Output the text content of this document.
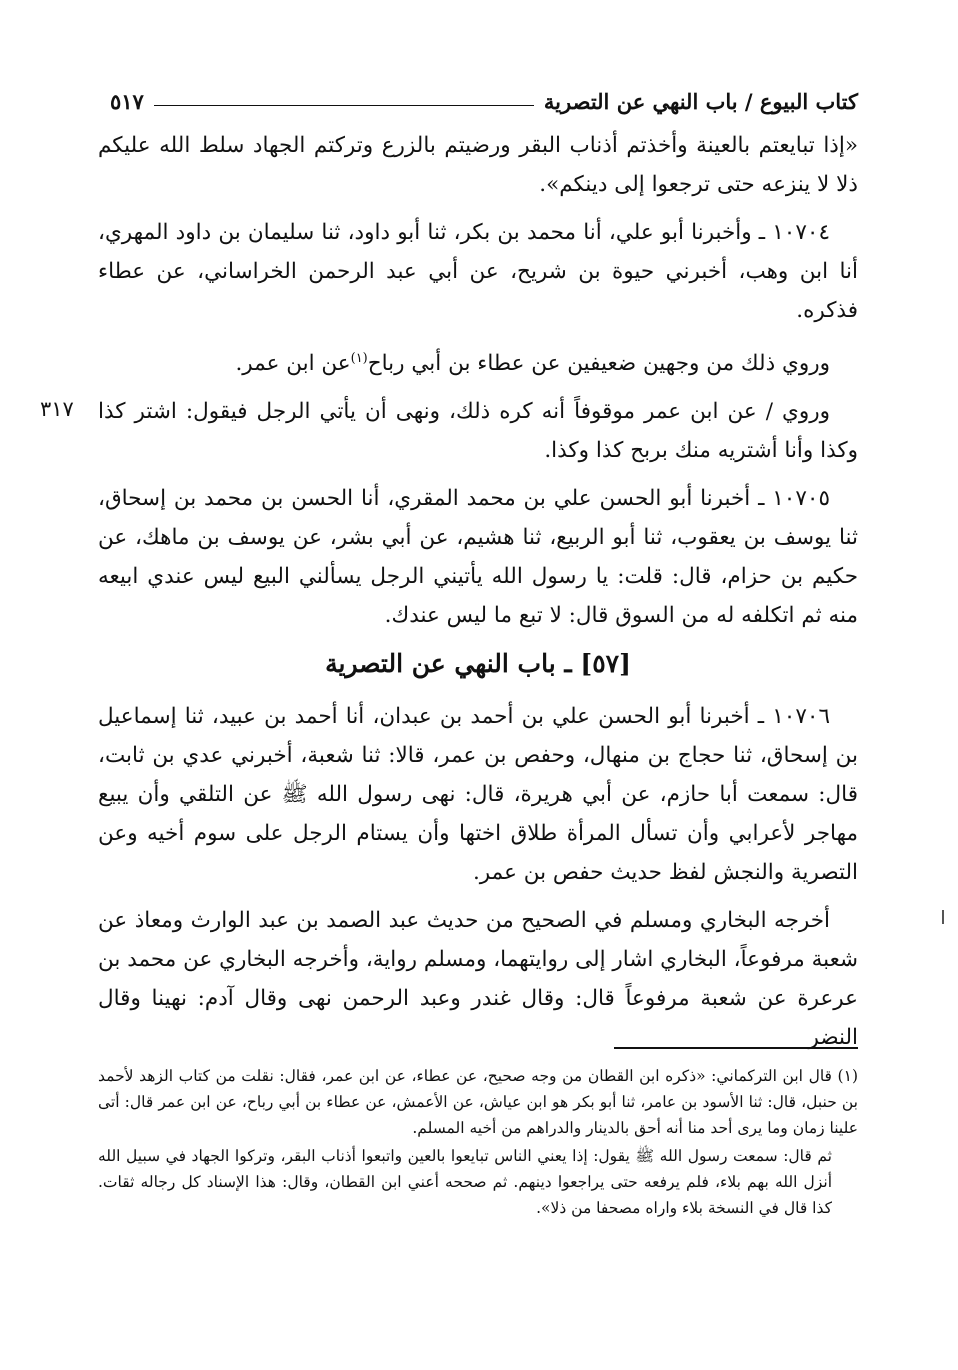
كتاب البيوع / باب النهي عن التصرية
٥١٧
٣١٧

«إذا تبايعتم بالعينة وأخذتم أذناب البقر ورضيتم بالزرع وتركتم الجهاد سلط الله عليكم ذلا لا ينزعه حتى ترجعوا إلى دينكم».

١٠٧٠٤ ـ وأخبرنا أبو علي، أنا محمد بن بكر، ثنا أبو داود، ثنا سليمان بن داود المهري، أنا ابن وهب، أخبرني حيوة بن شريح، عن أبي عبد الرحمن الخراساني، عن عطاء فذكره.

وروي ذلك من وجهين ضعيفين عن عطاء بن أبي رباح$^{(١)}$عن ابن عمر.

وروي / عن ابن عمر موقوفاً أنه كره ذلك، ونهى أن يأتي الرجل فيقول: اشتر كذا وكذا وأنا أشتريه منك بربح كذا وكذا.

١٠٧٠٥ ـ أخبرنا أبو الحسن علي بن محمد المقري، أنا الحسن بن محمد بن إسحاق، ثنا يوسف بن يعقوب، ثنا أبو الربيع، ثنا هشيم، عن أبي بشر، عن يوسف بن ماهك، عن حكيم بن حزام، قال: قلت: يا رسول الله يأتيني الرجل يسألني البيع ليس عندي ابيعه منه ثم اتكلفه له من السوق قال: لا تبع ما ليس عندك.

[٥٧] ـ باب النهي عن التصرية

١٠٧٠٦ ـ أخبرنا أبو الحسن علي بن أحمد بن عبدان، أنا أحمد بن عبيد، ثنا إسماعيل بن إسحاق، ثنا حجاج بن منهال، وحفص بن عمر، قالا: ثنا شعبة، أخبرني عدي بن ثابت، قال: سمعت أبا حازم، عن أبي هريرة، قال: نهى رسول الله ﷺ عن التلقي وأن يبيع مهاجر لأعرابي وأن تسأل المرأة طلاق اختها وأن يستام الرجل على سوم أخيه وعن التصرية والنجش لفظ حديث حفص بن عمر.

أخرجه البخاري ومسلم في الصحيح من حديث عبد الصمد بن عبد الوارث ومعاذ عن شعبة مرفوعاً، البخاري اشار إلى روايتهما، ومسلم رواية، وأخرجه البخاري عن محمد بن عرعرة عن شعبة مرفوعاً قال: وقال غندر وعبد الرحمن نهى وقال آدم: نهينا وقال النضر

(١) قال ابن التركماني: «ذكره ابن القطان من وجه صحيح، عن عطاء، عن ابن عمر، فقال: نقلت من كتاب الزهد لأحمد بن حنبل، قال: ثنا الأسود بن عامر، ثنا أبو بكر هو ابن عياش، عن الأعمش، عن عطاء بن أبي رباح، عن ابن عمر قال: أتى علينا زمان وما يرى أحد منا أنه أحق بالدينار والدراهم من أخيه المسلم.

ثم قال: سمعت رسول الله ﷺ يقول: إذا يعني الناس تبايعوا بالعين واتبعوا أذناب البقر، وتركوا الجهاد في سبيل الله أنزل الله بهم بلاء، فلم يرفعه حتى يراجعوا دينهم. ثم صححه أعني ابن القطان، وقال: هذا الإسناد كل رجاله ثقات. كذا قال في النسخة بلاء واراه مصحفا من ذلا».
